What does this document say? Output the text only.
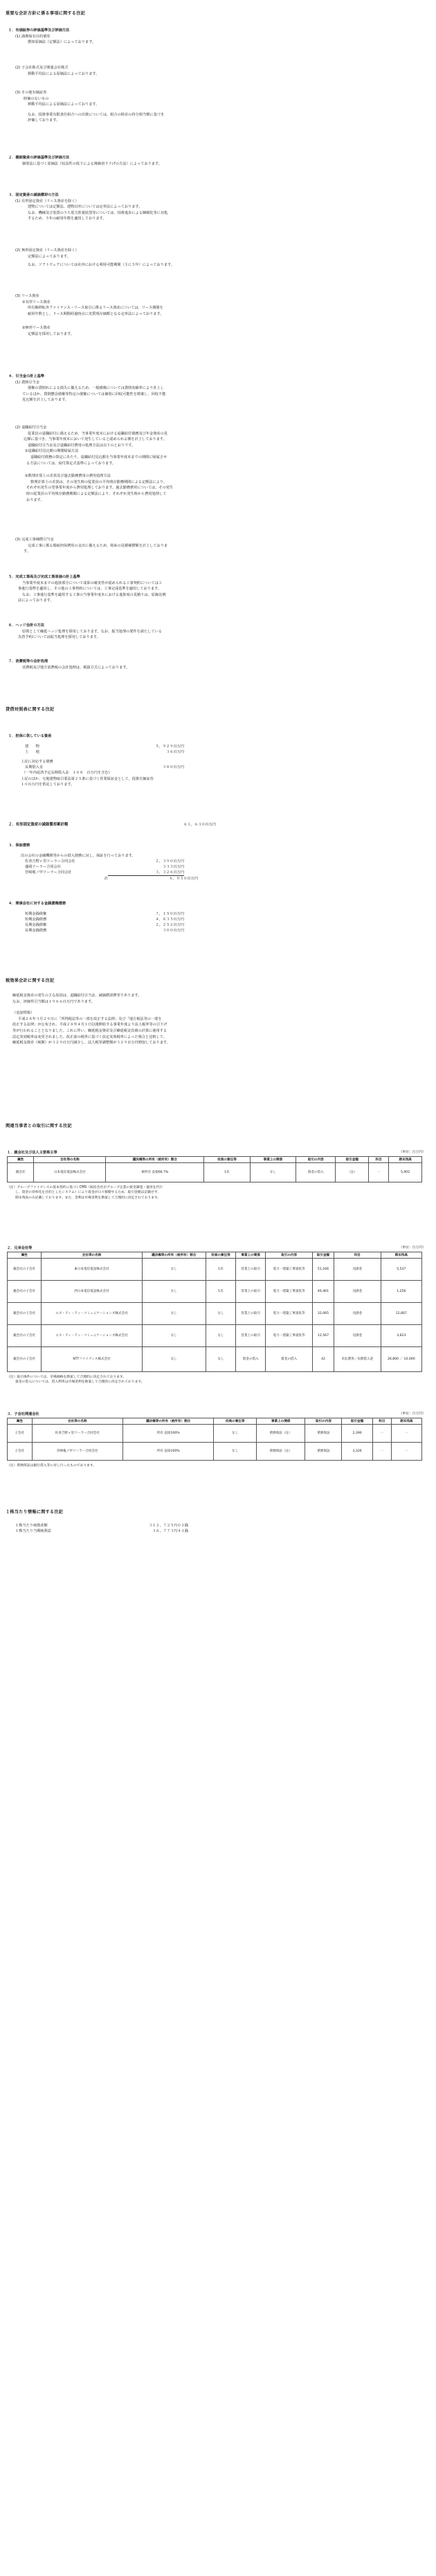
重要な会計方針に係る事項に関する注記
１．有価証券の評価基準及び評価方法
(1) 満期保有目的債券
償却原価法（定額法）によっております。
(2) 子会社株式及び関連会社株式
移動平均法による原価法によっております。
(3) その他有価証券
時価のないもの
移動平均法による原価法によっております。
なお、投資事業有限責任組合への出資については、組合の財産の持分相当額に基づき
評価しております。
２．棚卸資産の評価基準及び評価方法
個別法に基づく原価法（収益性の低下による簿価切り下げの方法）によっております。
３．固定資産の減価償却の方法
(1) 有形固定資産（リース資産を除く）
建物については定額法、建物以外については定率法によっております。
なお、機械及び装置のうち電力監視装置等については、技術進歩による陳腐化等に対処
するため、５年の耐用年数を適用しております。
(2) 無形固定資産（リース資産を除く）
定額法によっております。
なお、ソフトウェアについては社内における利用可能期間（主に５年）によっております。
(3) リース資産
①有形リース資産
所有権移転外ファイナンス・リース取引に係るリース資産については、リース期間を
耐用年数とし、リース期間経過時点に実質残存価額となる定率法によっております。
②無形リース資産
定額法を採用しております。
４．引当金の計上基準
(1) 貸倒引当金
債権の貸倒れによる損失に備えるため、一般債権については貸倒実績率により計上し
ているほか、貸倒懸念債権等特定の債権については個別に回収可能性を勘案し、回収不能
見込額を計上しております。
(2) 退職給付引当金
従業員の退職給付に備えるため、当事業年度末における退職給付債務及び年金資産の見
込額に基づき、当事業年度末において発生していると認められる額を計上しております。
退職給付引当金及び退職給付費用の処理方法は以下のとおりです。
①退職給付見込額の期間帰属方法
退職給付債務の算定にあたり、退職給付見込額を当事業年度末までの期間に帰属させ
る方法については、給付算定式基準によっております。
②数理計算上の差異及び過去勤務費用の費用処理方法
数理計算上の差異は、その発生時の従業員の平均残存勤務期間による定額法により、
それぞれ発生の翌事業年度から費用処理しております。過去勤務費用については、その発生
時の従業員の平均残存勤務期間による定額法により、それぞれ発生時から費用処理して
おります。
(3) 完成工事補償引当金
完成工事に係る瑕疵担保費用の支出に備えるため、将来の見積補償額を計上しておりま
す。
５．完成工事高及び完成工事原価の計上基準
当事業年度末までの進捗部分について成果の確実性が認められる工事契約については工
事進行基準を適用し、その他の工事契約については、工事完成基準を適用しております。
なお、工事進行基準を適用する工事の当事業年度末における進捗度の見積りは、原価比例
法によっております。
６．ヘッジ会計の方法
原則として繰延ヘッジ処理を採用しております。なお、振当処理の要件を満たしている
為替予約については振当処理を採用しております。
７．消費税等の会計処理
消費税及び地方消費税の会計処理は、税抜方式によっております。
貸借対照表に関する注記
１．担保に供している資産
建　　物	５，９２９百万円
土　　地	３６百万円
上記に対応する債務
長期借入金	３８０百万円
（一年内返済予定長期借入金　１０８　百万円を含む）
上記のほか、宅地建物取引業法第２５条に基づく営業保証金として、投資有価証券
１０百万円を供託しております。
２．有形固定資産の減価償却累計額	６１，６３０百万円
３．保証債務
次の会社の金融機関等からの借入債務に対し、保証を行っております。
佐喜吉野ヶ里ソーラー合同会社	２，３９０百万円
盛岡ソーラー合同会社	３３３百万円
宮崎亀ノ甲ソーラー合同会社	３，３２６百万円
計	６，０５０百万円
４．関係会社に対する金銭債権債務
短期金銭債権	７，１５０百万円
短期金銭債務	４，８３５百万円
長期金銭債権	２，２５２百万円
長期金銭債務	３００百万円
税効果会計に関する注記
繰延税金資産の発生の主な原因は、退職給付引当金、減価償却費等であります。
なお、評価性引当額は１９６６百万円であります。
（追加情報）
平成２８年３月２９日に「所得税法等の一部を改正する法律」及び「地方税法等の一部を
改正する法律」が公布され、平成２８年４月１日以後開始する事業年度より法人税率等の引下げ
等が行われることとなりました。これに伴い、繰延税金資産及び繰延税金負債の計算に使用する
法定実効税率は変更されました。改正前の税率に基づく法定実効税率によった場合と比較して、
繰延税金資産（純額）が３２９百万円減少し、法人税等調整額が３２９百万円増加しております。
関連当事者との取引に関する注記
１．親会社及び法人主要株主等	（単位：百万円）
属性	会社等の名称	議決権等の所有（被所有）割合	役員の兼任等	事業上の関係	取引の内容	取引金額	科目	期末残高
親会社	日本電信電話株式会社	被所有 直接66.7%	1名	なし	資金の借入	（注）	一	5,902
（注）グループファイナンスの基本契約に基づくCMS（統括会社がグループ企業の資金調達・運用を代行
し、資金の効率化を目的としたシステム）により資金が日々移動するため、取引金額は記載せず、
期末残高のみ記載しております。また、金利は市場金利を勘案して合理的に決定されております。
２．兄弟会社等	（単位：百万円）
属性	会社等の名称	議決権等の所有（被所有）割合	役員の兼任等	事業上の関係	取引の内容	取引金額	科目	期末残高
親会社の子会社	東日本電信電話株式会社	なし	1名	営業上の取引	電力・建築工事請負等	51,166	売掛金	5,537
親会社の子会社	西日本電信電話株式会社	なし	1名	営業上の取引	電力・建築工事請負等	46,461	売掛金	1,256
親会社の子会社	エヌ・ティ・ティ・コミュニケーションズ株式会社	なし	なし	営業上の取引	電力・建築工事請負等	32,065	売掛金	12,667
親会社の子会社	エヌ・ティ・ティ・コミュニケーションズ株式会社	なし	なし	営業上の取引	電力・建築工事請負等	12,567	売掛金	3,623
親会社の子会社	NTTファイナンス株式会社	なし	なし	資金の借入	資金の借入	42	未払費用／長期借入金	26,800 ／ 10,000
（注）取引条件については、市場価格を勘案して合理的に決定されております。
資金の借入については、借入利率は市場金利を勘案して合理的に決定されております。
３．子会社関連会社	（単位：百万円）
属性	会社等の名称	議決権等の所有（被所有）割合	役員の兼任等	事業上の関係	取引の内容	取引金額	科目	期末残高
子会社	佐喜吉野ヶ里ソーラー合同会社	所有 直接100%	なし	債務保証（注）	債務保証	2,390	一	一
子会社	宮崎亀ノ甲ソーラー合同会社	所有 直接100%	なし	債務保証（注）	債務保証	3,326	一	一
（注）債務保証は銀行借入等に対し行ったものであります。
１株当たり情報に関する注記
１株当たり純資産額	３１２，７２５円０２銭
１株当たり当期純利益	３６，７７３円４１銭
